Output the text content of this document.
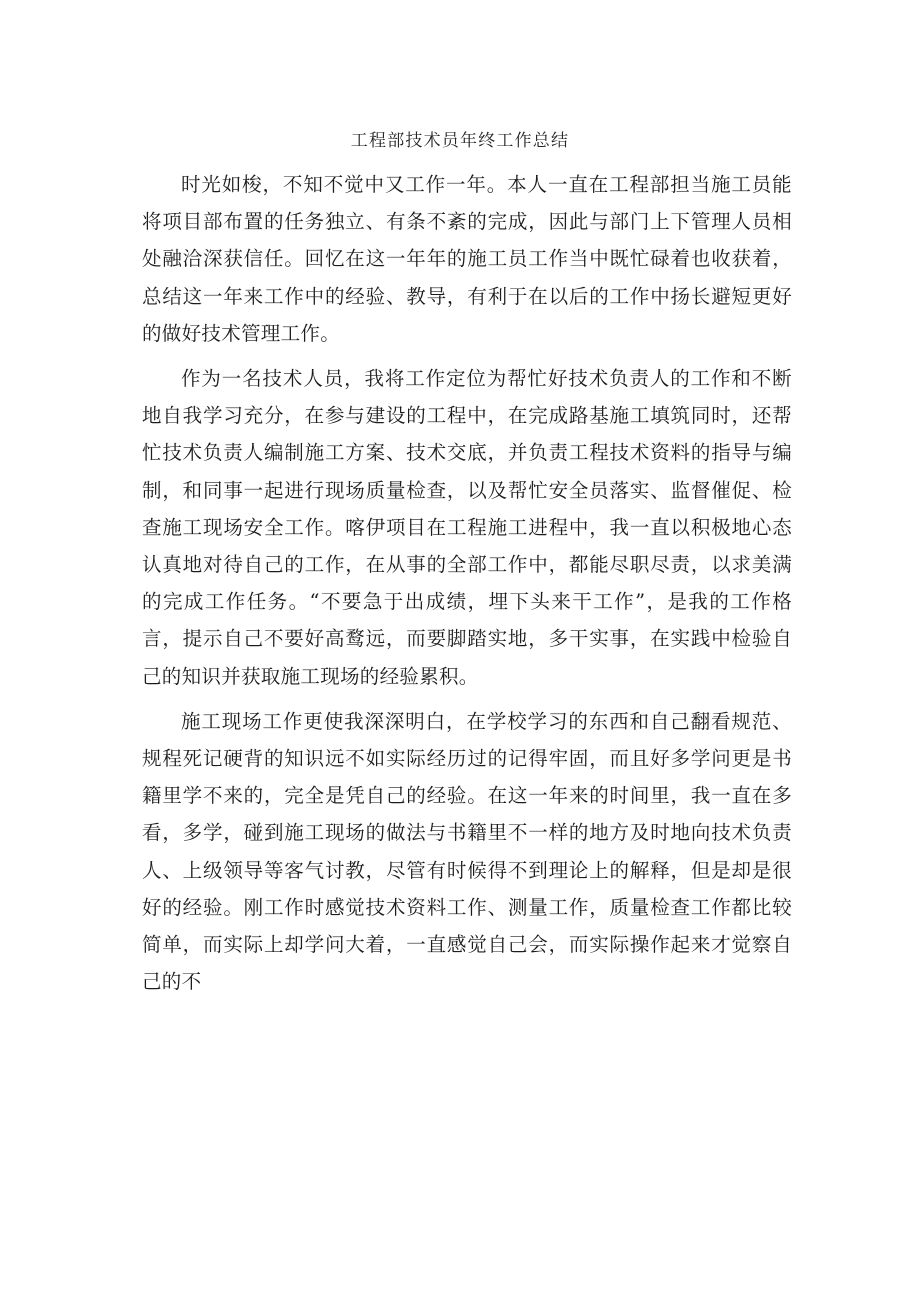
工程部技术员年终工作总结

时光如梭，不知不觉中又工作一年。本人一直在工程部担当施工员能将项目部布置的任务独立、有条不紊的完成，因此与部门上下管理人员相处融洽深获信任。回忆在这一年年的施工员工作当中既忙碌着也收获着，总结这一年来工作中的经验、教导，有利于在以后的工作中扬长避短更好的做好技术管理工作。

作为一名技术人员，我将工作定位为帮忙好技术负责人的工作和不断地自我学习充分，在参与建设的工程中，在完成路基施工填筑同时，还帮忙技术负责人编制施工方案、技术交底，并负责工程技术资料的指导与编制，和同事一起进行现场质量检查，以及帮忙安全员落实、监督催促、检查施工现场安全工作。喀伊项目在工程施工进程中，我一直以积极地心态认真地对待自己的工作，在从事的全部工作中，都能尽职尽责，以求美满的完成工作任务。“不要急于出成绩，埋下头来干工作”，是我的工作格言，提示自己不要好高鹜远，而要脚踏实地，多干实事，在实践中检验自己的知识并获取施工现场的经验累积。

施工现场工作更使我深深明白，在学校学习的东西和自己翻看规范、规程死记硬背的知识远不如实际经历过的记得牢固，而且好多学问更是书籍里学不来的，完全是凭自己的经验。在这一年来的时间里，我一直在多看，多学，碰到施工现场的做法与书籍里不一样的地方及时地向技术负责人、上级领导等客气讨教，尽管有时候得不到理论上的解释，但是却是很好的经验。刚工作时感觉技术资料工作、测量工作，质量检查工作都比较简单，而实际上却学问大着，一直感觉自己会，而实际操作起来才觉察自己的不
